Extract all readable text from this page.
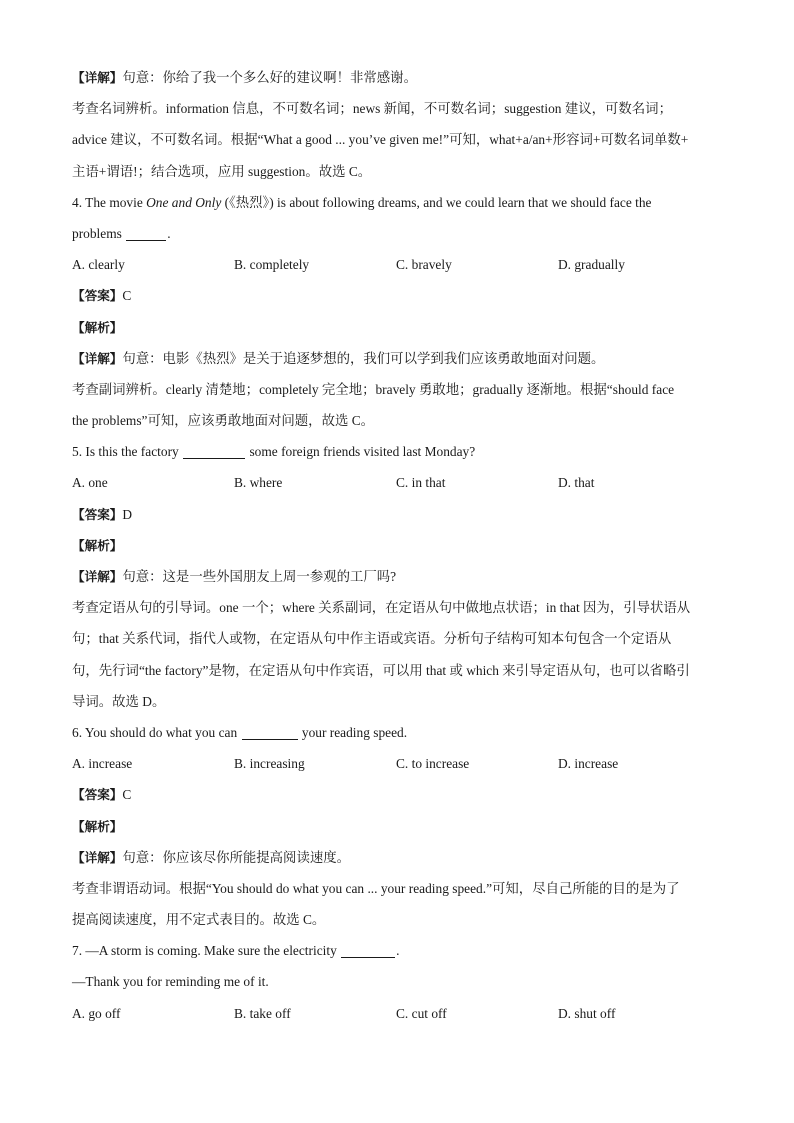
【详解】句意：你给了我一个多么好的建议啊！非常感谢。
考查名词辨析。information 信息，不可数名词；news 新闻，不可数名词；suggestion 建议，可数名词；
advice 建议，不可数名词。根据“What a good ... you’ve given me!”可知，what+a/an+形容词+可数名词单数+
主语+谓语!；结合选项，应用 suggestion。故选 C。
4. The movie One and Only (《热烈》) is about following dreams, and we could learn that we should face the
problems	.
A. clearly	B. completely	C. bravely	D. gradually
【答案】C
【解析】
【详解】句意：电影《热烈》是关于追逐梦想的，我们可以学到我们应该勇敢地面对问题。
考查副词辨析。clearly 清楚地；completely 完全地；bravely 勇敢地；gradually 逐渐地。根据“should face
the problems”可知，应该勇敢地面对问题，故选 C。
5. Is this the factory	some foreign friends visited last Monday?
A. one	B. where	C. in that	D. that
【答案】D
【解析】
【详解】句意：这是一些外国朋友上周一参观的工厂吗?
考查定语从句的引导词。one 一个；where 关系副词，在定语从句中做地点状语；in that 因为，引导状语从
句；that 关系代词，指代人或物，在定语从句中作主语或宾语。分析句子结构可知本句包含一个定语从
句，先行词“the factory”是物，在定语从句中作宾语，可以用 that 或 which 来引导定语从句，也可以省略引
导词。故选 D。
6. You should do what you can	your reading speed.
A. increase	B. increasing	C. to increase	D. increase
【答案】C
【解析】
【详解】句意：你应该尽你所能提高阅读速度。
考查非谓语动词。根据“You should do what you can ... your reading speed.”可知，尽自己所能的目的是为了
提高阅读速度，用不定式表目的。故选 C。
7. —A storm is coming. Make sure the electricity	.
—Thank you for reminding me of it.
A. go off	B. take off	C. cut off	D. shut off
